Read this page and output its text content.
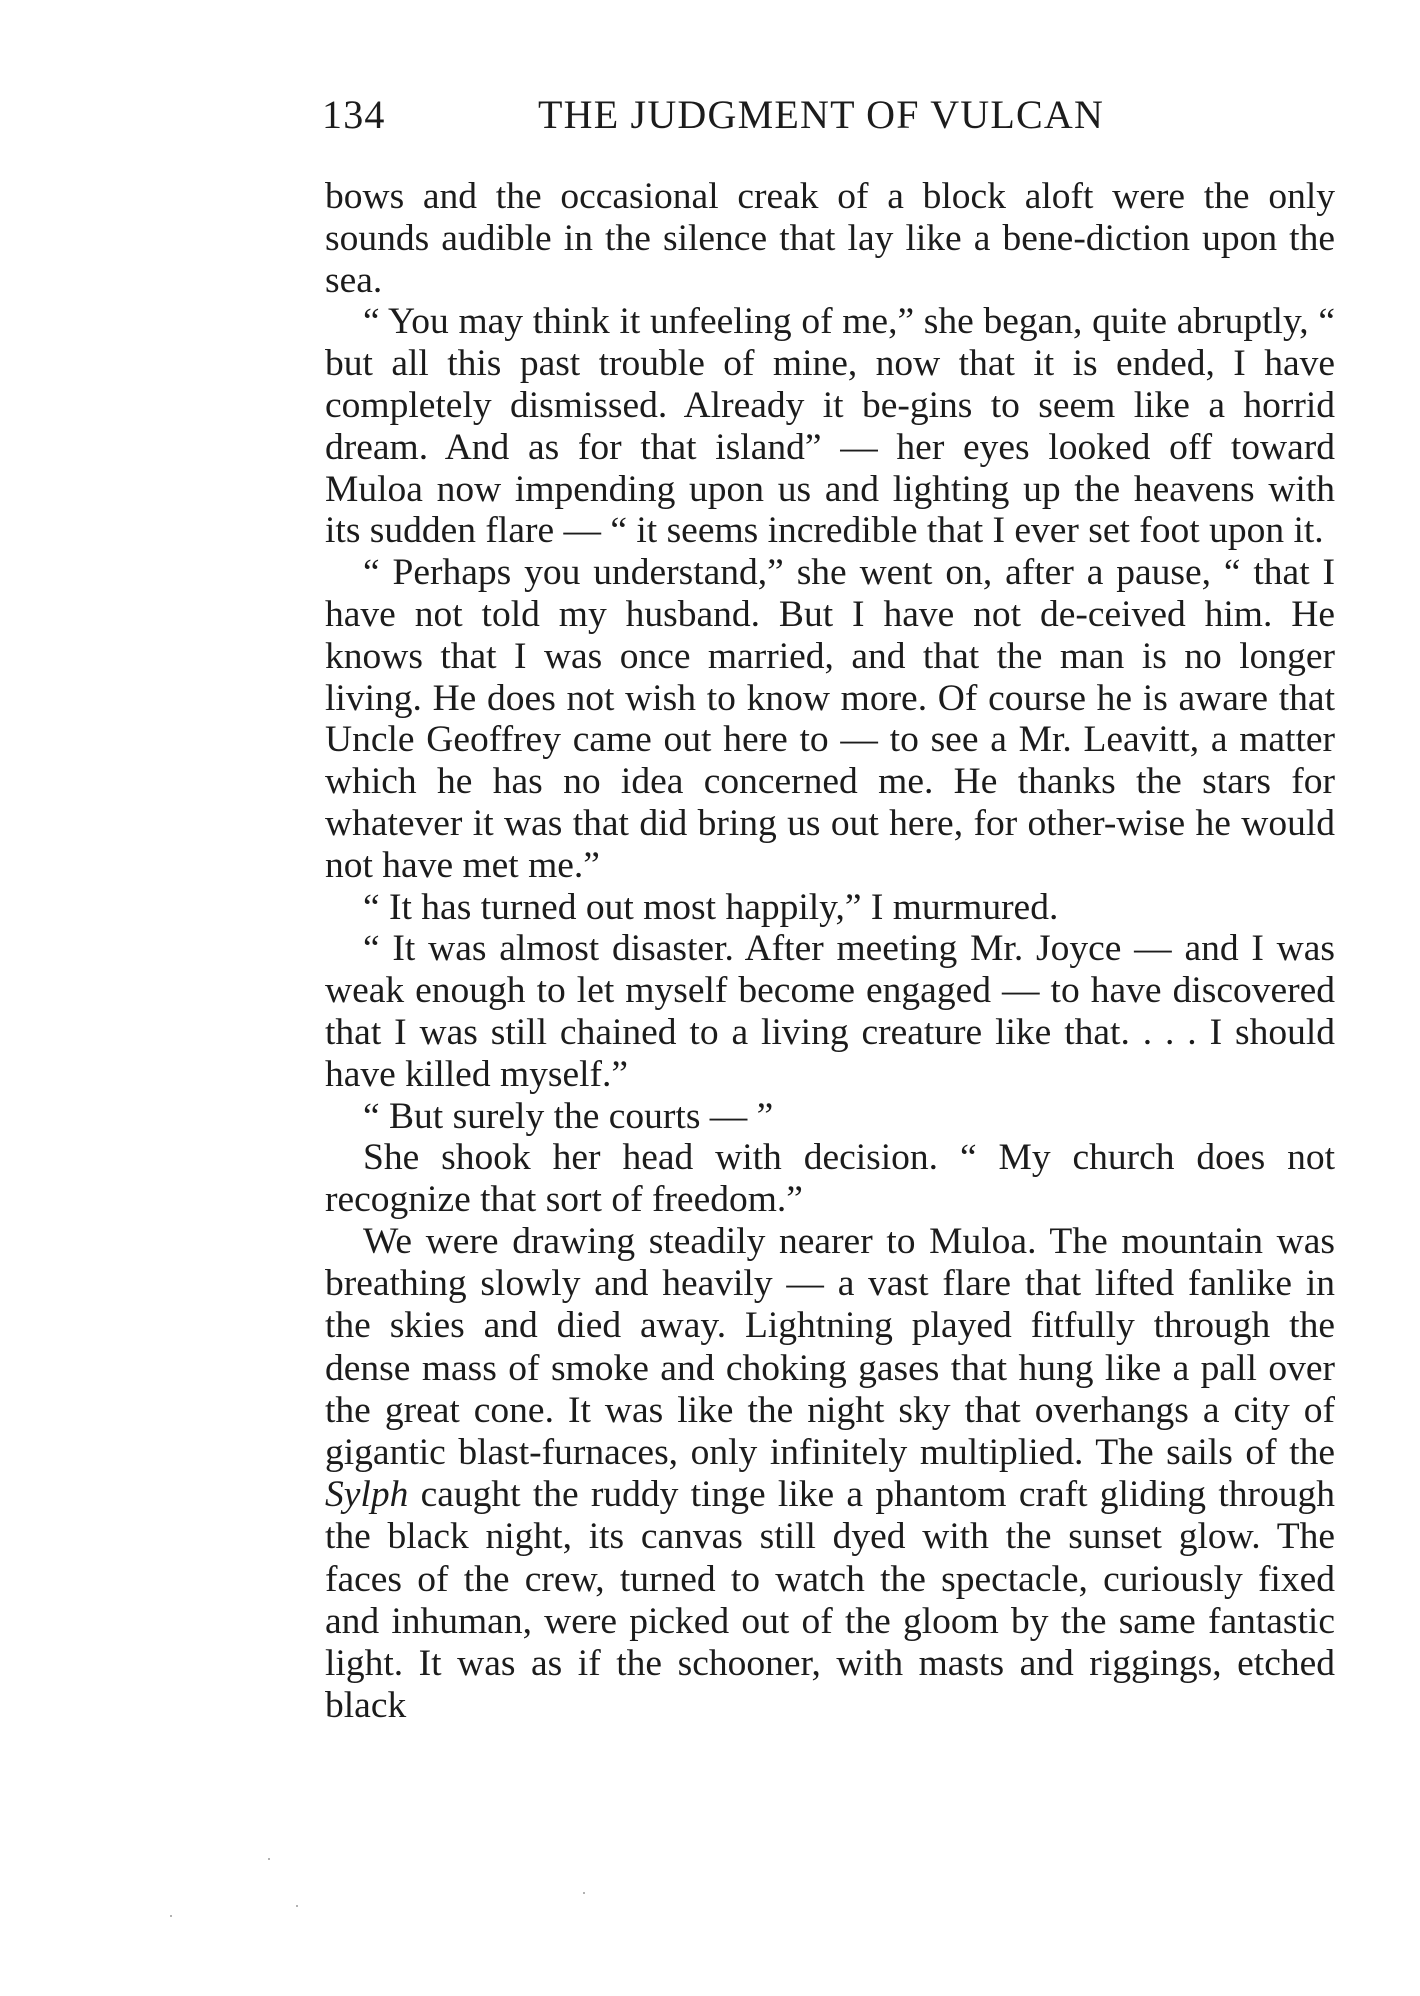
134	THE JUDGMENT OF VULCAN

bows and the occasional creak of a block aloft were the only sounds audible in the silence that lay like a bene-diction upon the sea.

“ You may think it unfeeling of me,” she began, quite abruptly, “ but all this past trouble of mine, now that it is ended, I have completely dismissed. Already it be-gins to seem like a horrid dream. And as for that island” — her eyes looked off toward Muloa now impending upon us and lighting up the heavens with its sudden flare — “ it seems incredible that I ever set foot upon it.

“ Perhaps you understand,” she went on, after a pause, “ that I have not told my husband. But I have not de-ceived him. He knows that I was once married, and that the man is no longer living. He does not wish to know more. Of course he is aware that Uncle Geoffrey came out here to — to see a Mr. Leavitt, a matter which he has no idea concerned me. He thanks the stars for whatever it was that did bring us out here, for other-wise he would not have met me.”

“ It has turned out most happily,” I murmured.

“ It was almost disaster. After meeting Mr. Joyce — and I was weak enough to let myself become engaged — to have discovered that I was still chained to a living creature like that. . . . I should have killed myself.”

“ But surely the courts — ”

She shook her head with decision. “ My church does not recognize that sort of freedom.”

We were drawing steadily nearer to Muloa. The mountain was breathing slowly and heavily — a vast flare that lifted fanlike in the skies and died away. Lightning played fitfully through the dense mass of smoke and choking gases that hung like a pall over the great cone. It was like the night sky that overhangs a city of gigantic blast-furnaces, only infinitely multiplied. The sails of the Sylph caught the ruddy tinge like a phantom craft gliding through the black night, its canvas still dyed with the sunset glow. The faces of the crew, turned to watch the spectacle, curiously fixed and inhuman, were picked out of the gloom by the same fantastic light. It was as if the schooner, with masts and riggings, etched black
